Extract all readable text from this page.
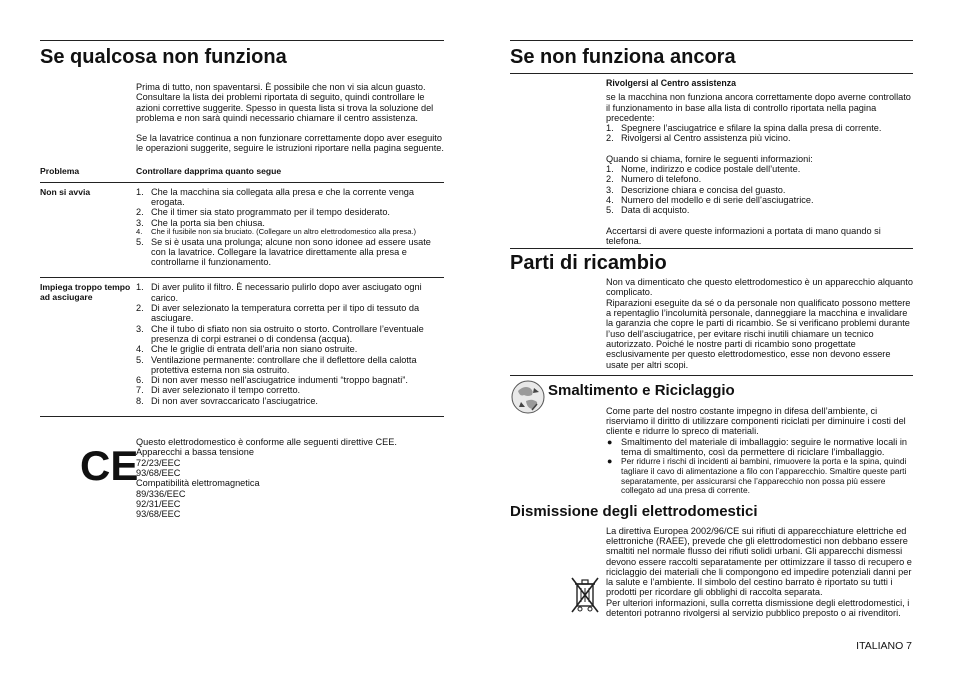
Se qualcosa non funziona

Prima di tutto, non spaventarsi. È possibile che non vi sia alcun guasto. Consultare la lista dei problemi riportata di seguito, quindi controllare le azioni correttive suggerite. Spesso in questa lista si trova la soluzione del problema e non sarà quindi necessario chiamare il centro assistenza.

Se la lavatrice continua a non funzionare correttamente dopo aver eseguito le operazioni suggerite, seguire le istruzioni riportare nella pagina seguente.

Problema	Controllare dapprima quanto segue
Non si avvia	1. Che la macchina sia collegata alla presa e che la corrente venga erogata.
2. Che il timer sia stato programmato per il tempo desiderato.
3. Che la porta sia ben chiusa.
4. Che il fusibile non sia bruciato. (Collegare un altro elettrodomestico alla presa.)
5. Se si è usata una prolunga; alcune non sono idonee ad essere usate con la lavatrice. Collegare la lavatrice direttamente alla presa e controllarne il funzionamento.
Impiega troppo tempo ad asciugare
1. Di aver pulito il filtro. È necessario pulirlo dopo aver asciugato ogni carico.
2. Di aver selezionato la temperatura corretta per il tipo di tessuto da asciugare.
3. Che il tubo di sfiato non sia ostruito o storto. Controllare l’eventuale presenza di corpi estranei o di condensa (acqua).
4. Che le griglie di entrata dell’aria non siano ostruite.
5. Ventilazione permanente: controllare che il deflettore della calotta protettiva esterna non sia ostruito.
6. Di non aver messo nell’asciugatrice indumenti “troppo bagnati”.
7. Di aver selezionato il tempo corretto.
8. Di non aver sovraccaricato l’asciugatrice.
CE

Questo elettrodomestico è conforme alle seguenti direttive CEE.

Apparecchi a bassa tensione

72/23/EEC

93/68/EEC

Compatibilità elettromagnetica

89/336/EEC

92/31/EEC

93/68/EEC

Se non funziona ancora

Rivolgersi al Centro assistenza

se la macchina non funziona ancora correttamente dopo averne controllato il funzionamento in base alla lista di controllo riportata nella pagina precedente:

1. Spegnere l’asciugatrice e sfilare la spina dalla presa di corrente.
2. Rivolgersi al Centro assistenza più vicino.

Quando si chiama, fornire le seguenti informazioni:

1. Nome, indirizzo e codice postale dell’utente.
2. Numero di telefono.
3. Descrizione chiara e concisa del guasto.
4. Numero del modello e di serie dell’asciugatrice.
5. Data di acquisto.

Accertarsi di avere queste informazioni a portata di mano quando si telefona.

Parti di ricambio

Non va dimenticato che questo elettrodomestico è un apparecchio alquanto complicato.

Riparazioni eseguite da sé o da personale non qualificato possono mettere a repentaglio l’incolumità personale, danneggiare la macchina e invalidare la garanzia che copre le parti di ricambio. Se si verificano problemi durante l’uso dell’asciugatrice, per evitare rischi inutili chiamare un tecnico autorizzato. Poiché le nostre parti di ricambio sono progettate esclusivamente per questo elettrodomestico, esse non devono essere usate per altri scopi.

Smaltimento e Riciclaggio

Come parte del nostro costante impegno in difesa dell’ambiente, ci riserviamo il diritto di utilizzare componenti riciclati per diminuire i costi del cliente e ridurre lo spreco di materiali.

● Smaltimento del materiale di imballaggio: seguire le normative locali in tema di smaltimento, così da permettere di riciclare l’imballaggio.
● Per ridurre i rischi di incidenti ai bambini, rimuovere la porta e la spina, quindi tagliare il cavo di alimentazione a filo con l’apparecchio. Smaltire queste parti separatamente, per assicurarsi che l’apparecchio non possa più essere collegato ad una presa di corrente.
Dismissione degli elettrodomestici

La direttiva Europea 2002/96/CE sui rifiuti di apparecchiature elettriche ed elettroniche (RAEE), prevede che gli elettrodomestici non debbano essere smaltiti nel normale flusso dei rifiuti solidi urbani. Gli apparecchi dismessi devono essere raccolti separatamente per ottimizzare il tasso di recupero e riciclaggio dei materiali che li compongono ed impedire potenziali danni per la salute e l’ambiente. Il simbolo del cestino barrato è riportato su tutti i prodotti per ricordare gli obblighi di raccolta separata.

Per ulteriori informazioni, sulla corretta dismissione degli elettrodomestici, i detentori potranno rivolgersi al servizio pubblico preposto o ai rivenditori.

ITALIANO 7
